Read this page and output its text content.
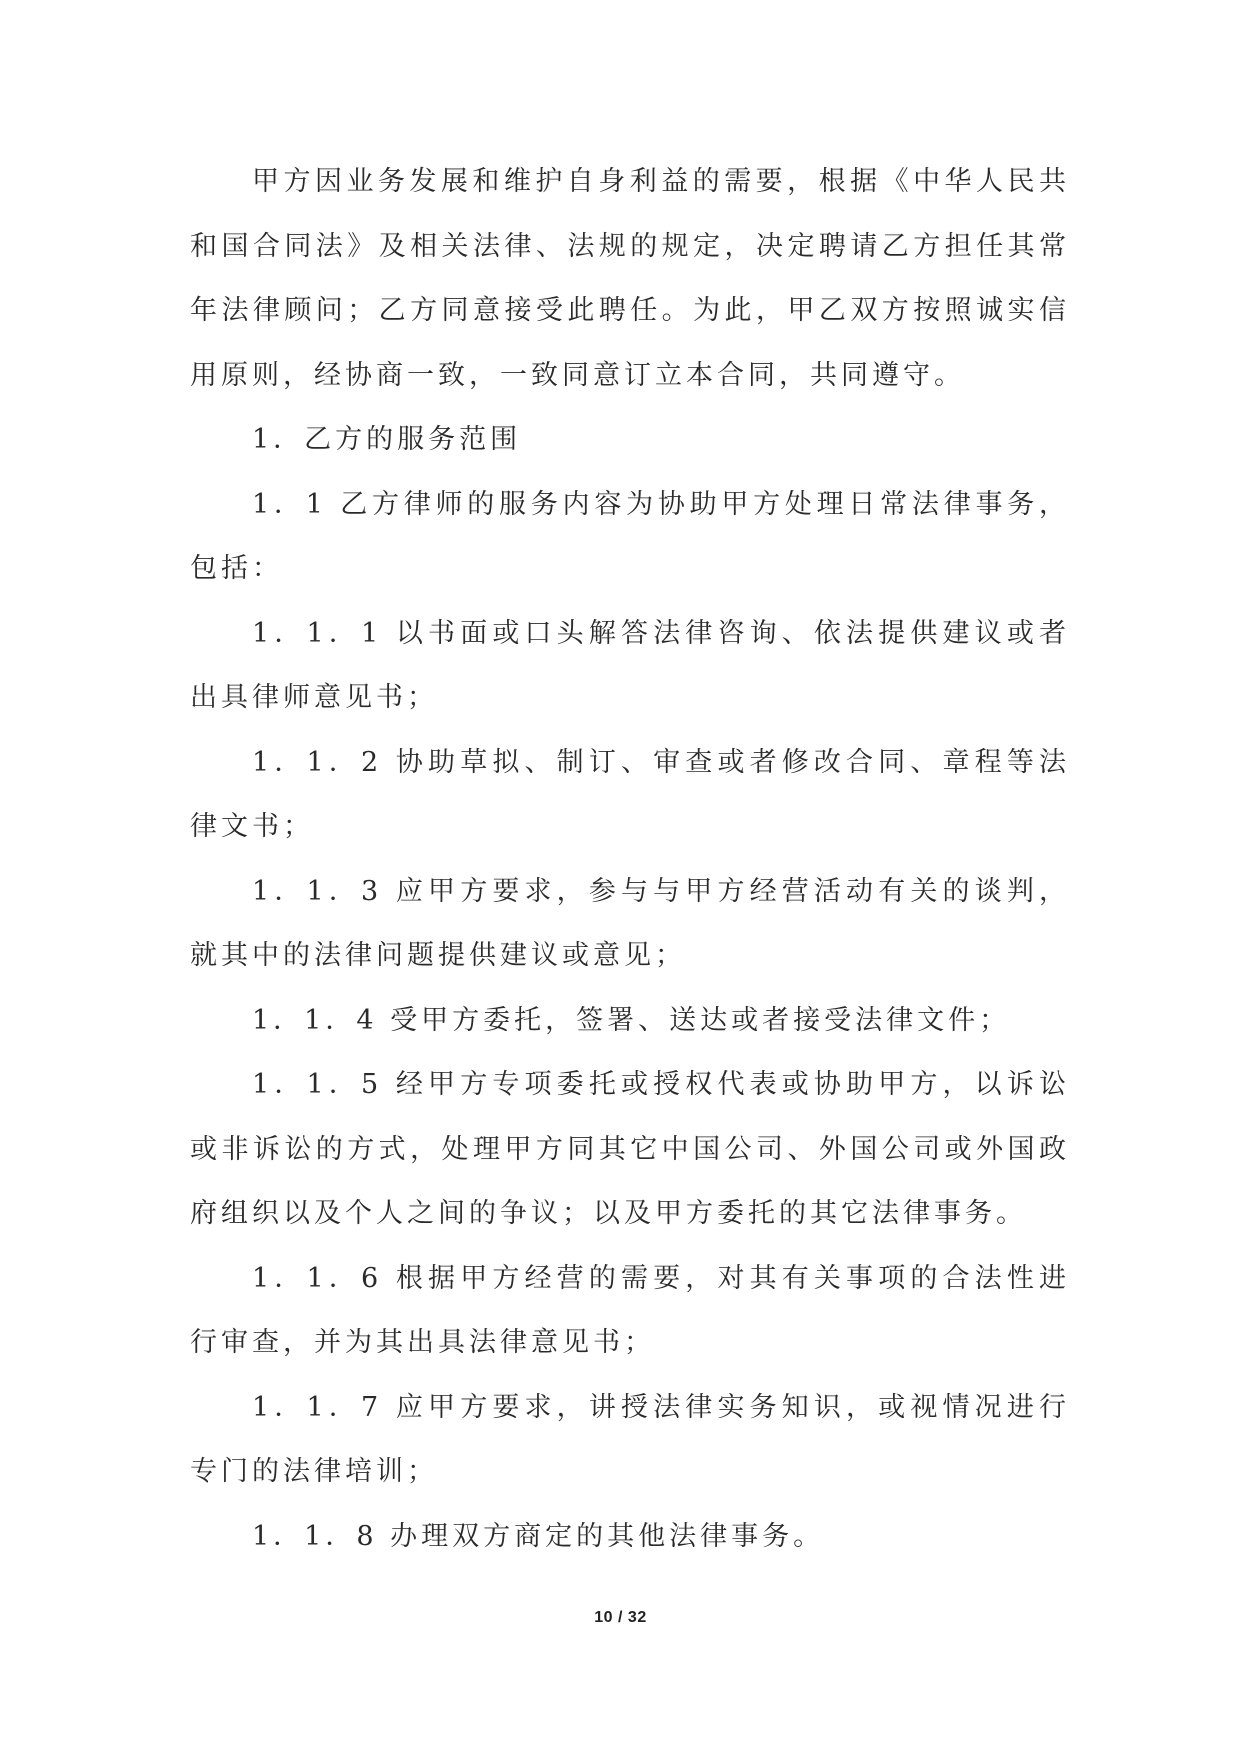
甲方因业务发展和维护自身利益的需要，根据《中华人民共和国合同法》及相关法律、法规的规定，决定聘请乙方担任其常年法律顾问；乙方同意接受此聘任。为此，甲乙双方按照诚实信用原则，经协商一致，一致同意订立本合同，共同遵守。

1．乙方的服务范围

1．1 乙方律师的服务内容为协助甲方处理日常法律事务，包括：

1．1．1 以书面或口头解答法律咨询、依法提供建议或者出具律师意见书；

1．1．2 协助草拟、制订、审查或者修改合同、章程等法律文书；

1．1．3 应甲方要求，参与与甲方经营活动有关的谈判，就其中的法律问题提供建议或意见；

1．1．4 受甲方委托，签署、送达或者接受法律文件；

1．1．5 经甲方专项委托或授权代表或协助甲方，以诉讼或非诉讼的方式，处理甲方同其它中国公司、外国公司或外国政府组织以及个人之间的争议；以及甲方委托的其它法律事务。

1．1．6 根据甲方经营的需要，对其有关事项的合法性进行审查，并为其出具法律意见书；

1．1．7 应甲方要求，讲授法律实务知识，或视情况进行专门的法律培训；

1．1．8 办理双方商定的其他法律事务。

10 / 32
